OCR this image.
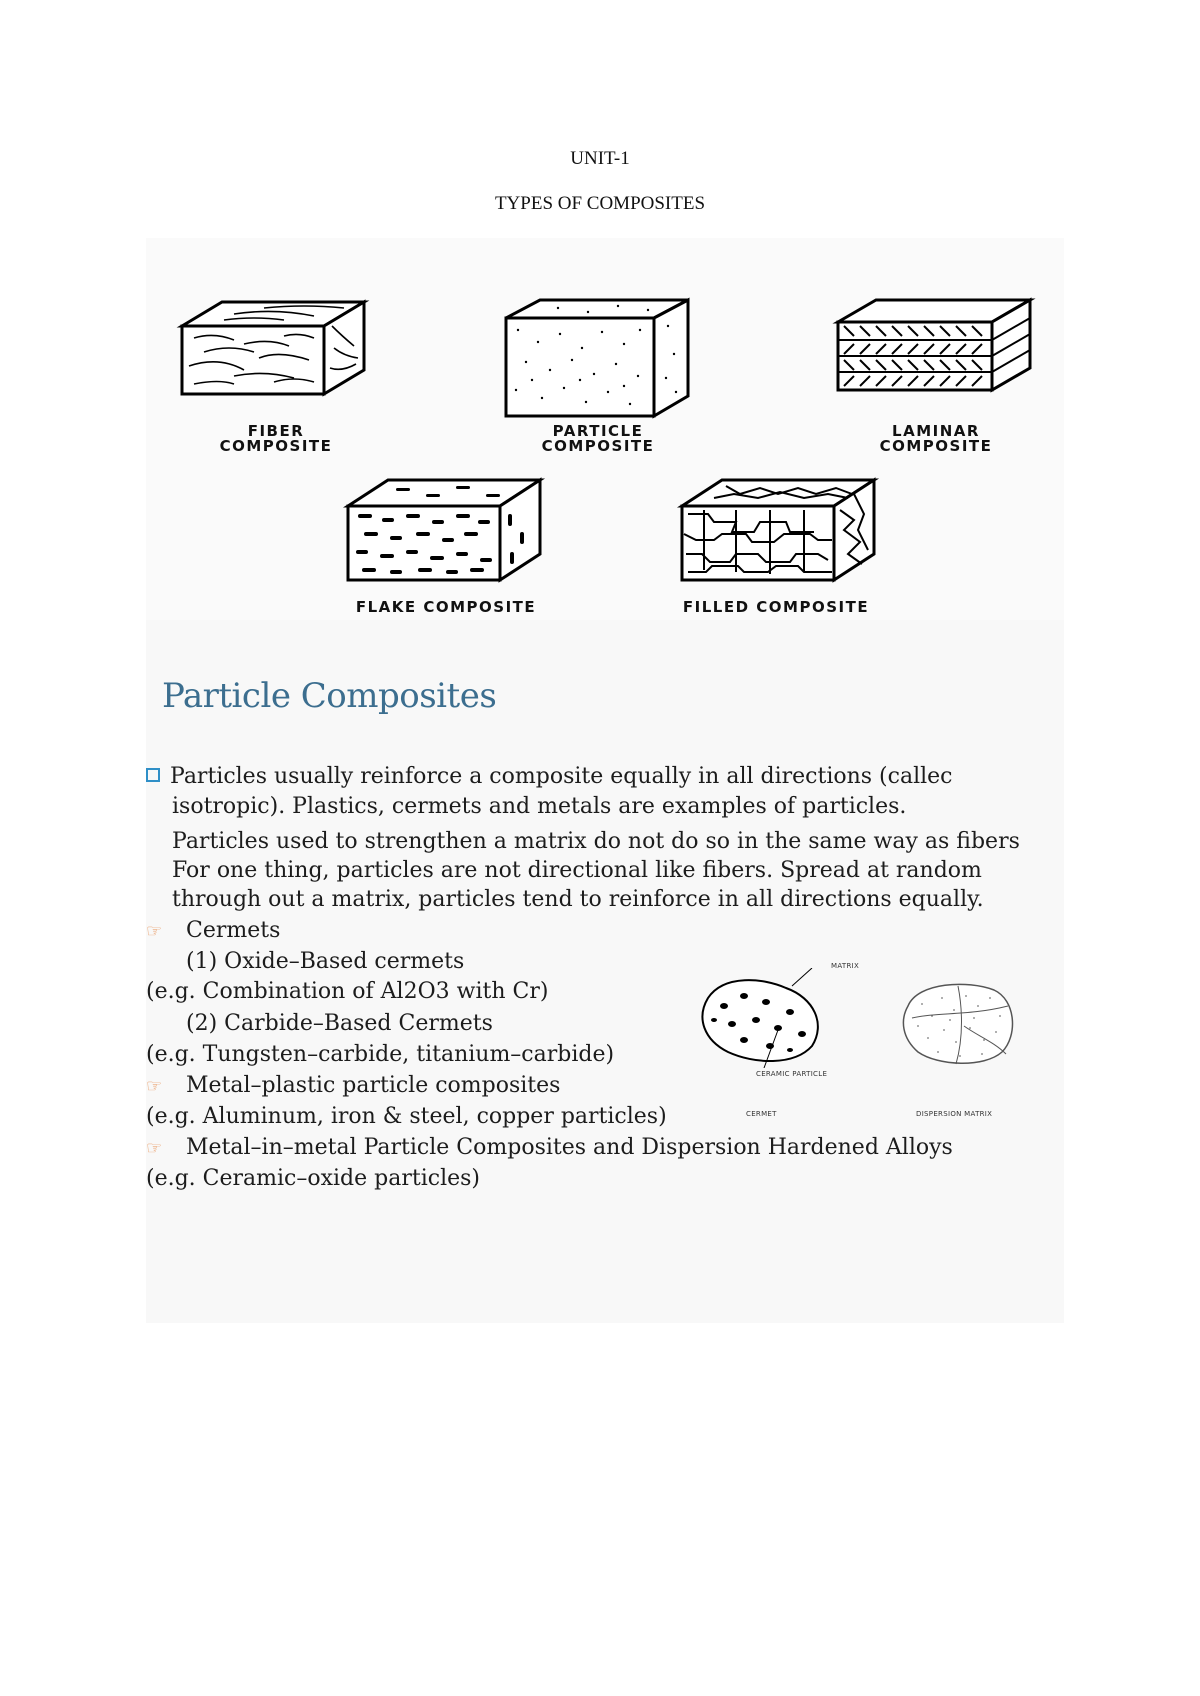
UNIT-1
TYPES OF COMPOSITES
FIBER
COMPOSITE
PARTICLE
COMPOSITE
LAMINAR
COMPOSITE
FLAKE COMPOSITE	FILLED COMPOSITE
Particle Composites
Particles usually reinforce a composite equally in all directions (callec
isotropic). Plastics, cermets and metals are examples of particles.
Particles used to strengthen a matrix do not do so in the same way as fibers
For one thing, particles are not directional like fibers. Spread at random
through out a matrix, particles tend to reinforce in all directions equally.
☞ Cermets
(1) Oxide–Based cermets
(e.g. Combination of Al2O3 with Cr)
(2) Carbide–Based Cermets
(e.g. Tungsten–carbide, titanium–carbide)
☞ Metal–plastic particle composites
(e.g. Aluminum, iron & steel, copper particles)
☞ Metal–in–metal Particle Composites and Dispersion Hardened Alloys
(e.g. Ceramic–oxide particles)
MATRIX
CERAMIC PARTICLE
CERMET	DISPERSION MATRIX
